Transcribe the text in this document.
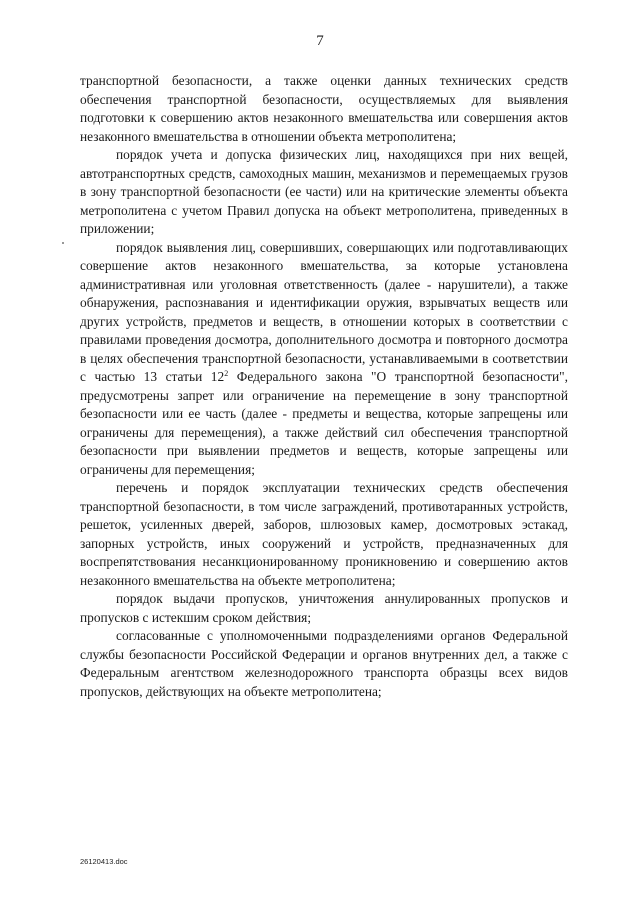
7

транспортной безопасности, а также оценки данных технических средств обеспечения транспортной безопасности, осуществляемых для выявления подготовки к совершению актов незаконного вмешательства или совершения актов незаконного вмешательства в отношении объекта метрополитена;

порядок учета и допуска физических лиц, находящихся при них вещей, автотранспортных средств, самоходных машин, механизмов и перемещаемых грузов в зону транспортной безопасности (ее части) или на критические элементы объекта метрополитена с учетом Правил допуска на объект метрополитена, приведенных в приложении;

порядок выявления лиц, совершивших, совершающих или подготавливающих совершение актов незаконного вмешательства, за которые установлена административная или уголовная ответственность (далее - нарушители), а также обнаружения, распознавания и идентификации оружия, взрывчатых веществ или других устройств, предметов и веществ, в отношении которых в соответствии с правилами проведения досмотра, дополнительного досмотра и повторного досмотра в целях обеспечения транспортной безопасности, устанавливаемыми в соответствии с частью 13 статьи $12^2$ Федерального закона "О транспортной безопасности", предусмотрены запрет или ограничение на перемещение в зону транспортной безопасности или ее часть (далее - предметы и вещества, которые запрещены или ограничены для перемещения), а также действий сил обеспечения транспортной безопасности при выявлении предметов и веществ, которые запрещены или ограничены для перемещения;

перечень и порядок эксплуатации технических средств обеспечения транспортной безопасности, в том числе заграждений, противотаранных устройств, решеток, усиленных дверей, заборов, шлюзовых камер, досмотровых эстакад, запорных устройств, иных сооружений и устройств, предназначенных для воспрепятствования несанкционированному проникновению и совершению актов незаконного вмешательства на объекте метрополитена;

порядок выдачи пропусков, уничтожения аннулированных пропусков и пропусков с истекшим сроком действия;

согласованные с уполномоченными подразделениями органов Федеральной службы безопасности Российской Федерации и органов внутренних дел, а также с Федеральным агентством железнодорожного транспорта образцы всех видов пропусков, действующих на объекте метрополитена;

26120413.doc
